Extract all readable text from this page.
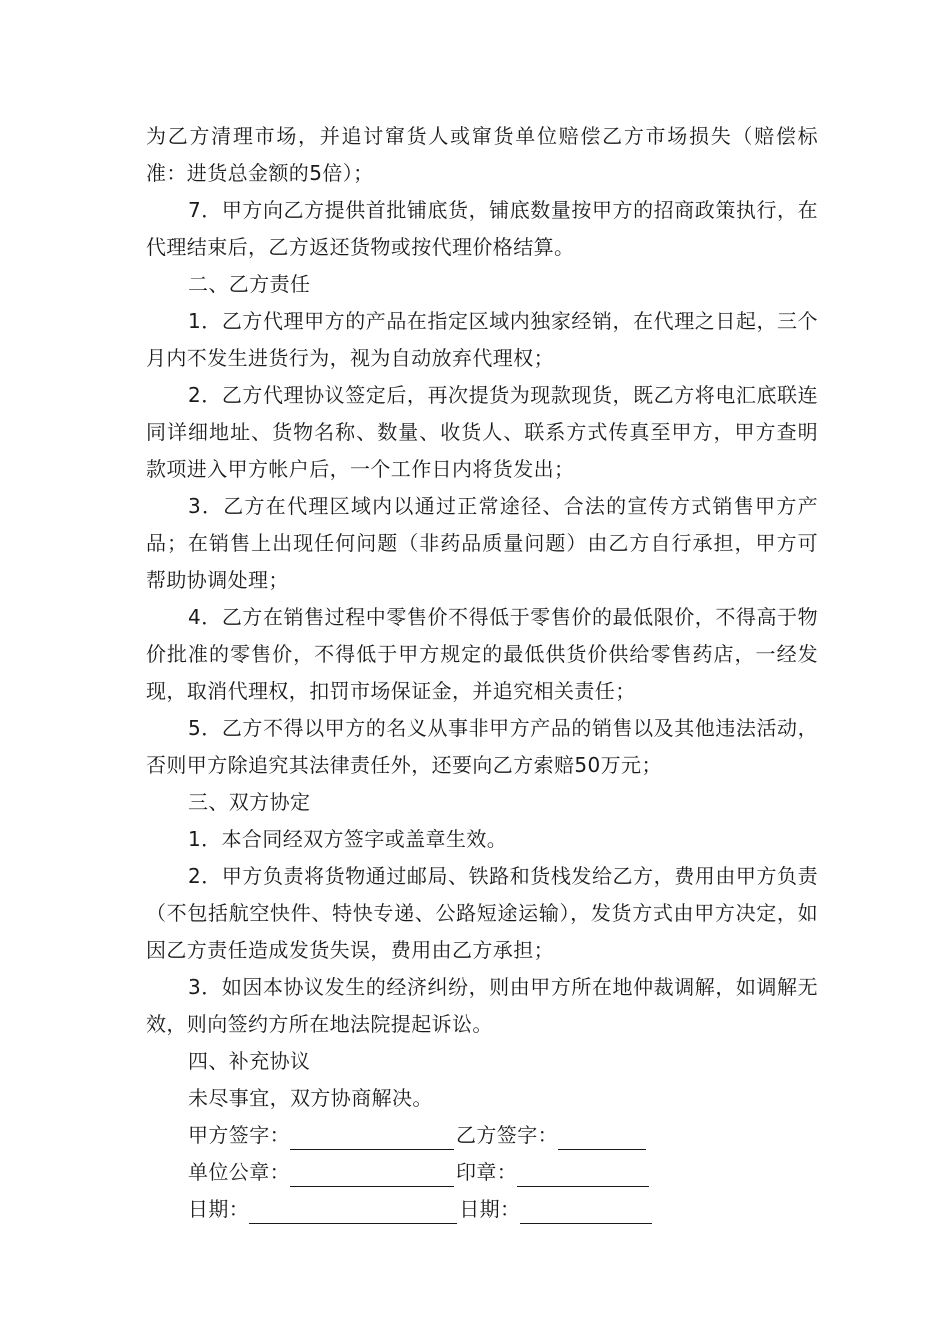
为乙方清理市场，并追讨窜货人或窜货单位赔偿乙方市场损失（赔偿标准：进货总金额的5倍）；

7．甲方向乙方提供首批铺底货，铺底数量按甲方的招商政策执行，在代理结束后，乙方返还货物或按代理价格结算。

二、乙方责任

1．乙方代理甲方的产品在指定区域内独家经销，在代理之日起，三个月内不发生进货行为，视为自动放弃代理权；

2．乙方代理协议签定后，再次提货为现款现货，既乙方将电汇底联连同详细地址、货物名称、数量、收货人、联系方式传真至甲方，甲方查明款项进入甲方帐户后，一个工作日内将货发出；

3．乙方在代理区域内以通过正常途径、合法的宣传方式销售甲方产品；在销售上出现任何问题（非药品质量问题）由乙方自行承担，甲方可帮助协调处理；

4．乙方在销售过程中零售价不得低于零售价的最低限价，不得高于物价批准的零售价，不得低于甲方规定的最低供货价供给零售药店，一经发现，取消代理权，扣罚市场保证金，并追究相关责任；

5．乙方不得以甲方的名义从事非甲方产品的销售以及其他违法活动，否则甲方除追究其法律责任外，还要向乙方索赔50万元；

三、双方协定

1．本合同经双方签字或盖章生效。

2．甲方负责将货物通过邮局、铁路和货栈发给乙方，费用由甲方负责（不包括航空快件、特快专递、公路短途运输），发货方式由甲方决定，如因乙方责任造成发货失误，费用由乙方承担；

3．如因本协议发生的经济纠纷，则由甲方所在地仲裁调解，如调解无效，则向签约方所在地法院提起诉讼。

四、补充协议

未尽事宜，双方协商解决。

甲方签字：	乙方签字：

单位公章：	印章：

日期：	日期：
